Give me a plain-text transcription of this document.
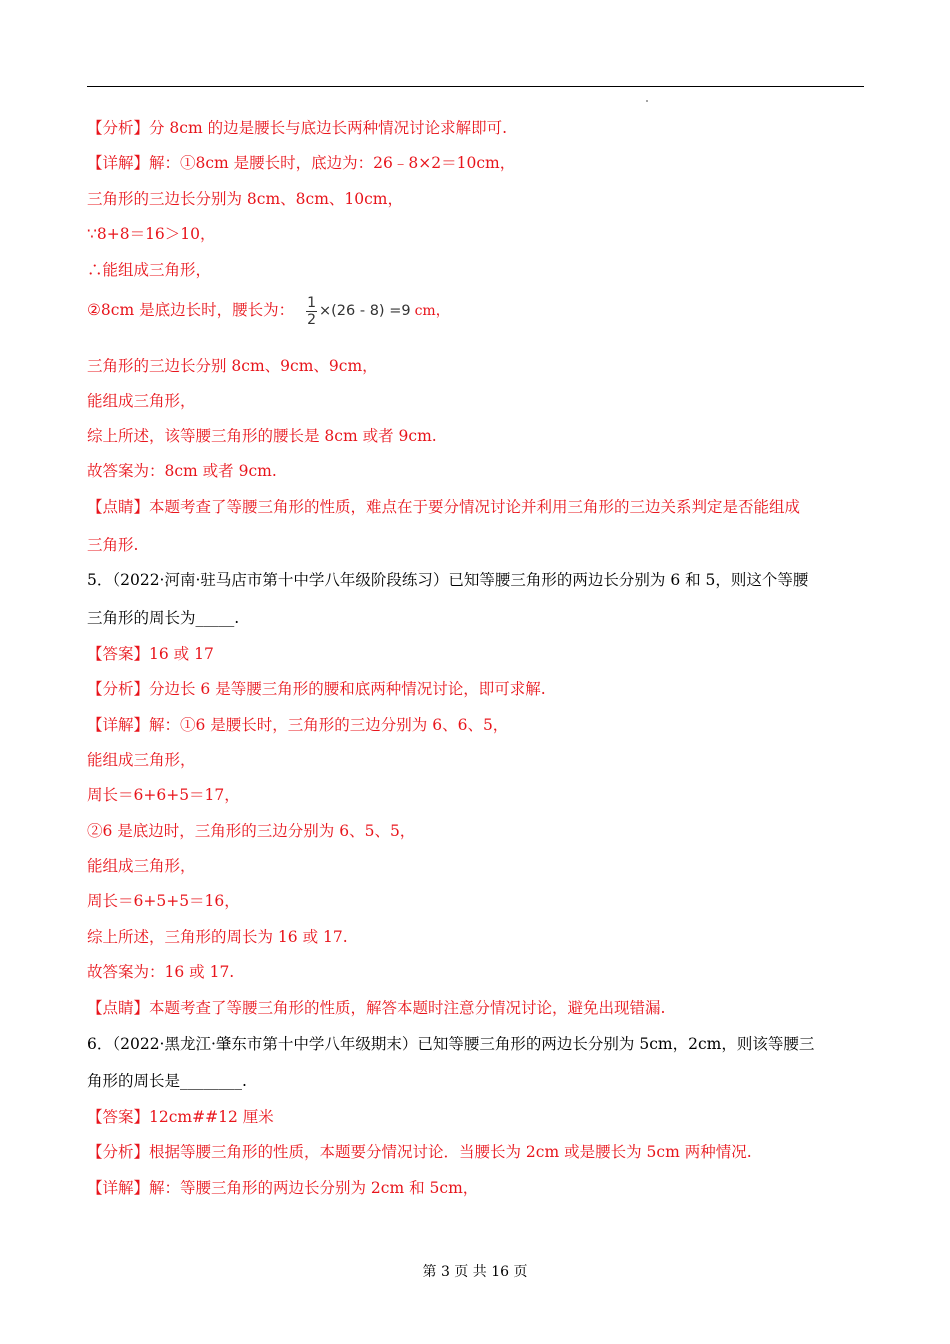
【分析】分 8cm 的边是腰长与底边长两种情况讨论求解即可.
【详解】解：①8cm 是腰长时，底边为：26﹣8×2＝10cm，
三角形的三边长分别为 8cm、8cm、10cm，
∵8+8＝16＞10，
∴能组成三角形，
②8cm 是底边长时，腰长为： $\frac{1}{2} \times(26 - 8) =9$ cm，
三角形的三边长分别 8cm、9cm、9cm，
能组成三角形，
综上所述，该等腰三角形的腰长是 8cm 或者 9cm.
故答案为：8cm 或者 9cm.
【点睛】本题考查了等腰三角形的性质，难点在于要分情况讨论并利用三角形的三边关系判定是否能组成
三角形.
5．（2022·河南·驻马店市第十中学八年级阶段练习）已知等腰三角形的两边长分别为 6 和 5，则这个等腰
三角形的周长为_____.
【答案】16 或 17
【分析】分边长 6 是等腰三角形的腰和底两种情况讨论，即可求解.
【详解】解：①6 是腰长时，三角形的三边分别为 6、6、5，
能组成三角形，
周长＝6+6+5＝17，
②6 是底边时，三角形的三边分别为 6、5、5，
能组成三角形，
周长＝6+5+5＝16，
综上所述，三角形的周长为 16 或 17.
故答案为：16 或 17.
【点睛】本题考查了等腰三角形的性质，解答本题时注意分情况讨论，避免出现错漏.
6．（2022·黑龙江·肇东市第十中学八年级期末）已知等腰三角形的两边长分别为 5cm，2cm，则该等腰三
角形的周长是________.
【答案】12cm##12 厘米
【分析】根据等腰三角形的性质，本题要分情况讨论．当腰长为 2cm 或是腰长为 5cm 两种情况.
【详解】解：等腰三角形的两边长分别为 2cm 和 5cm，
第 3 页 共 16 页
